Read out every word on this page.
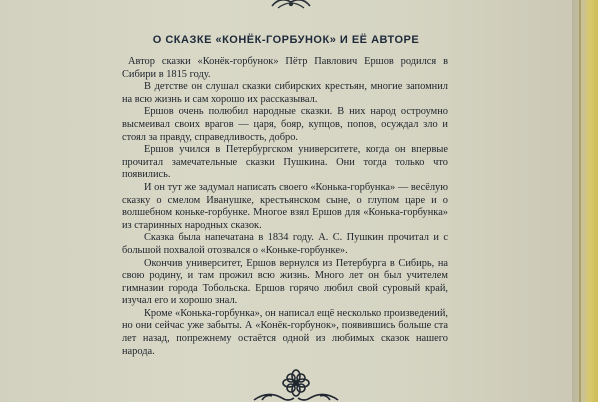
О СКАЗКЕ «КОНЁК-ГОРБУНОК» И ЕЁ АВТОРЕ

Автор сказки «Конёк-горбунок» Пётр Павлович Ершов родился в Сибири в 1815 году.

В детстве он слушал сказки сибирских крестьян, многие запомнил на всю жизнь и сам хорошо их рассказывал.

Ершов очень полюбил народные сказки. В них народ остроумно высмеивал своих врагов — царя, бояр, купцов, попов, осуждал зло и стоял за правду, справедливость, добро.

Ершов учился в Петербургском университете, когда он впервые прочитал замечательные сказки Пушкина. Они тогда только что появились.

И он тут же задумал написать своего «Конька-горбунка» — весёлую сказку о смелом Иванушке, крестьянском сыне, о глупом царе и о волшебном коньке-горбунке. Многое взял Ершов для «Конька-горбунка» из старинных народных сказок.

Сказка была напечатана в 1834 году. А. С. Пушкин прочитал и с большой похвалой отозвался о «Коньке-горбунке».

Окончив университет, Ершов вернулся из Петербурга в Сибирь, на свою родину, и там прожил всю жизнь. Много лет он был учителем гимназии города Тобольска. Ершов горячо любил свой суровый край, изучал его и хорошо знал.

Кроме «Конька-горбунка», он написал ещё несколько произведений, но они сейчас уже забыты. А «Конёк-горбунок», появившись больше ста лет назад, попрежнему остаётся одной из любимых сказок нашего народа.
